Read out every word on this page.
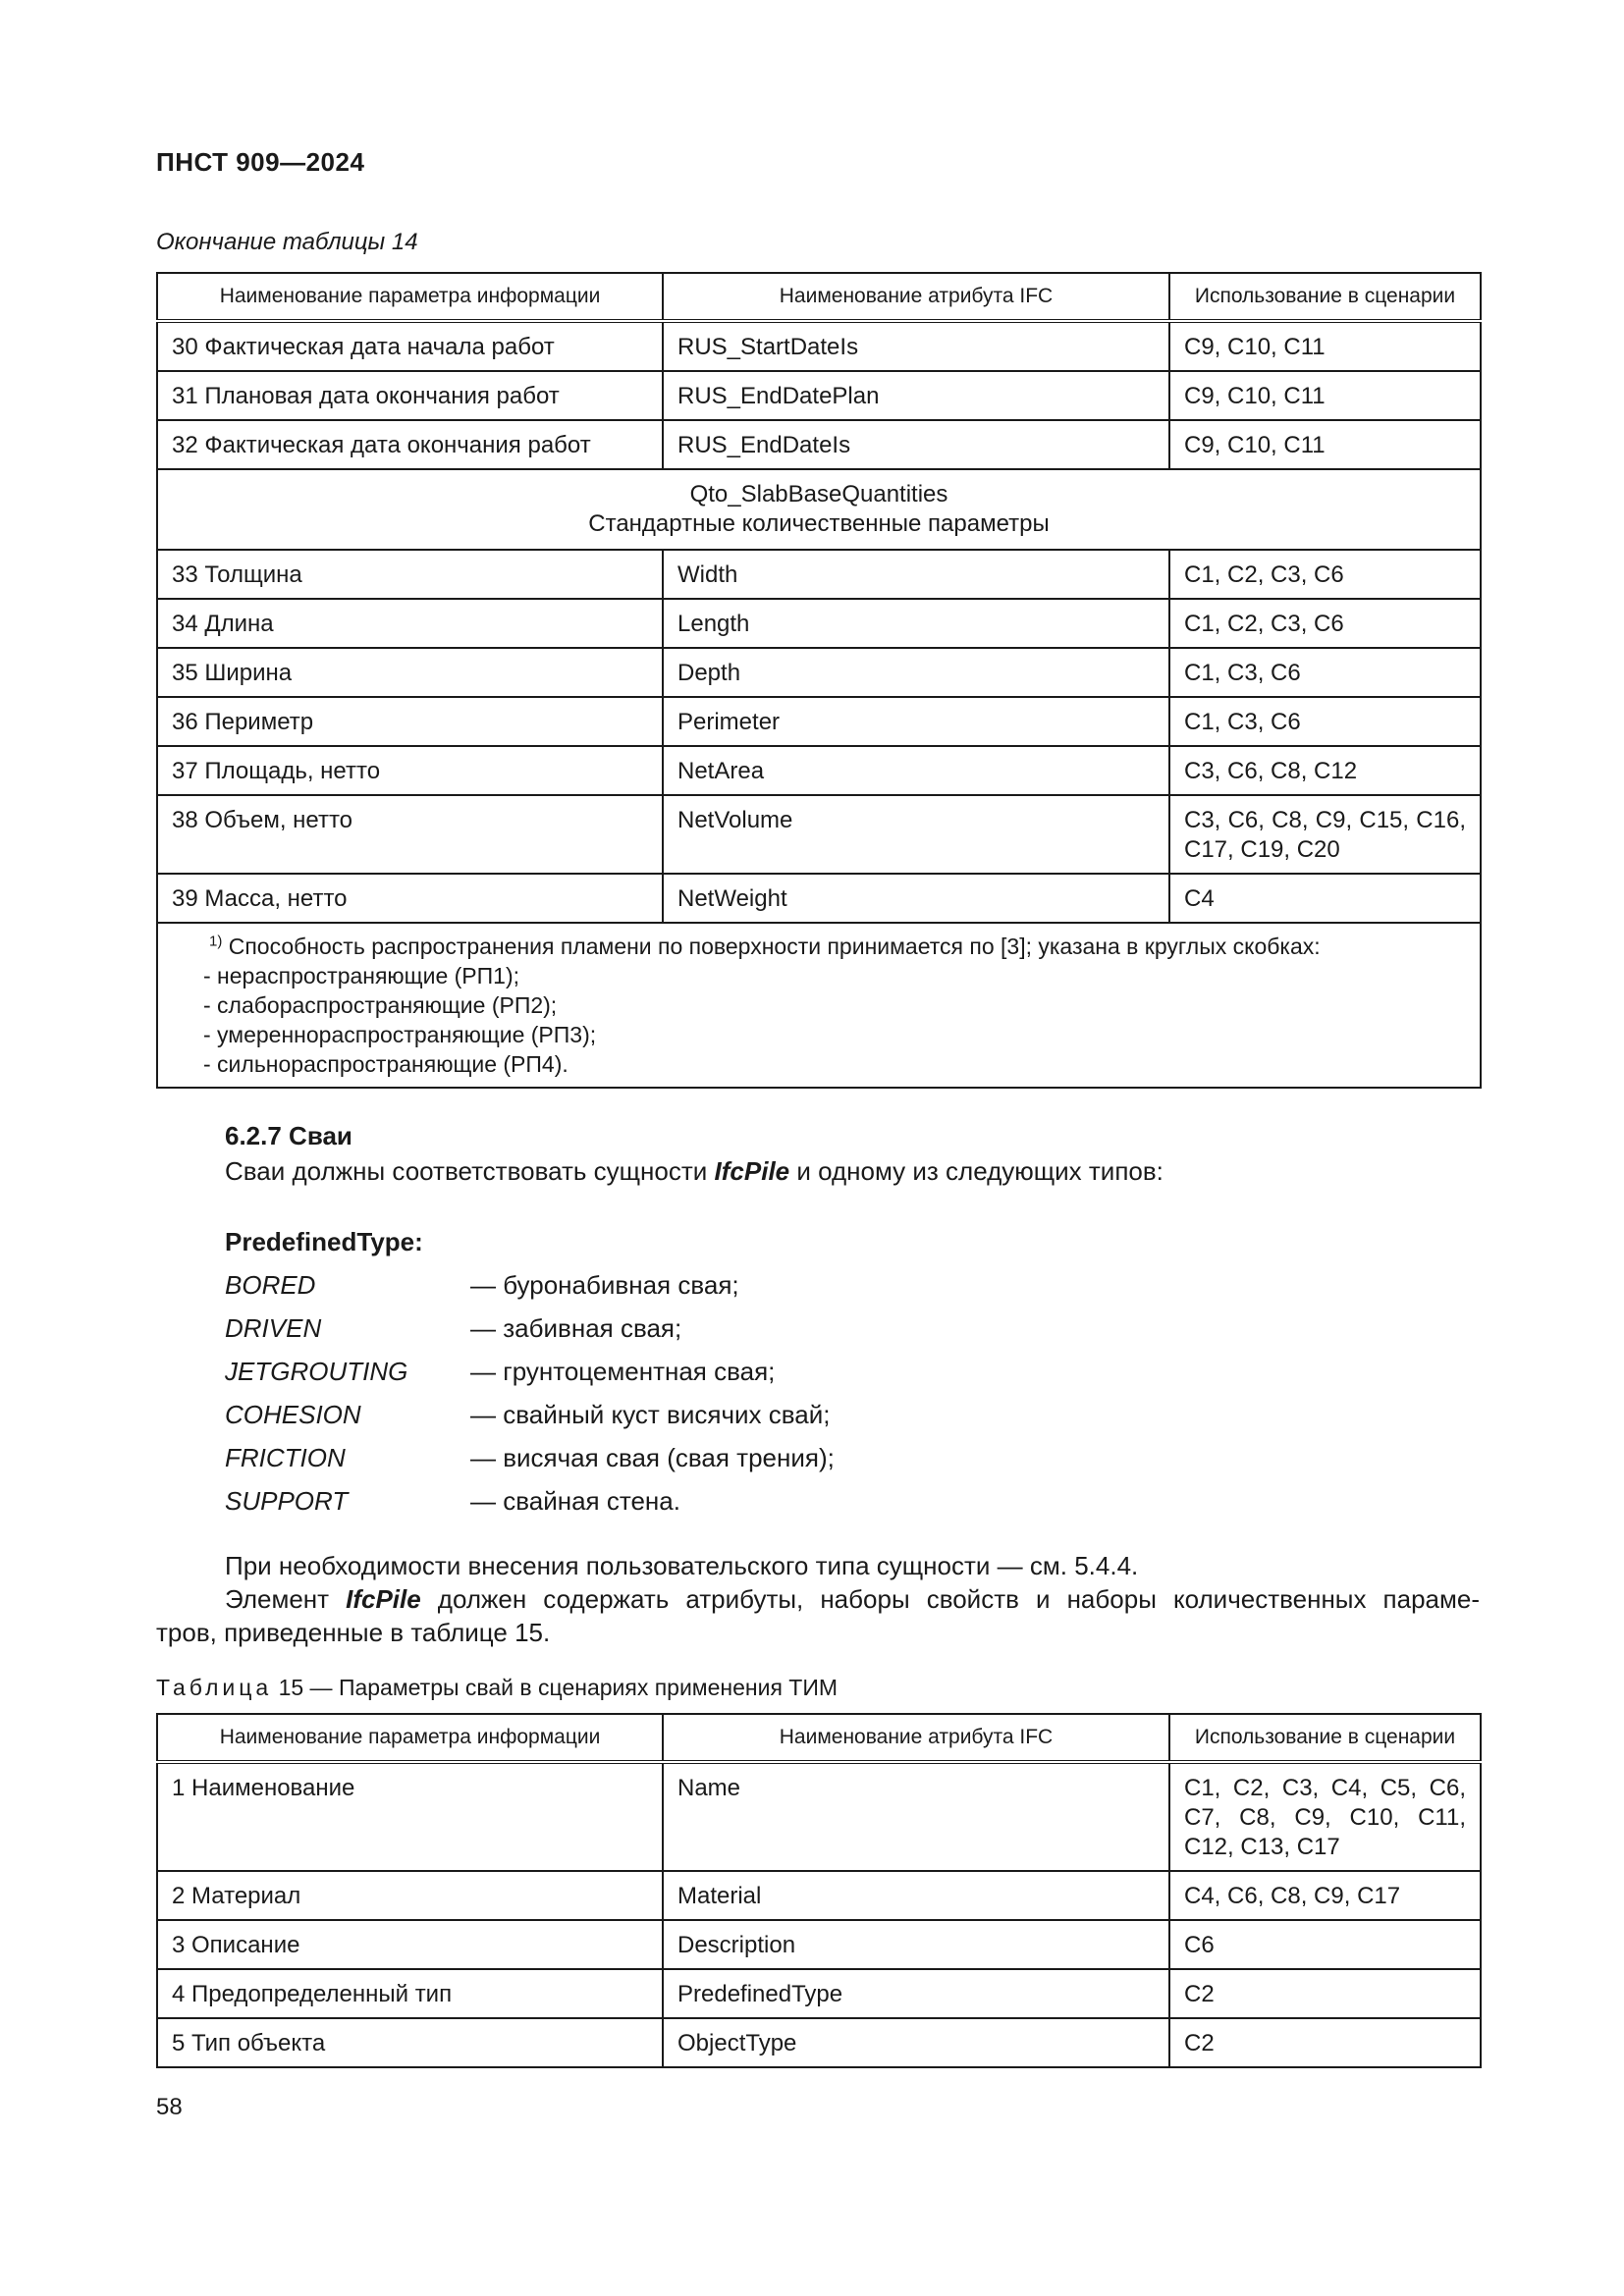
ПНСТ 909—2024
Окончание таблицы 14
Наименование параметра информации	Наименование атрибута IFC	Использование в сценарии
30 Фактическая дата начала работ	RUS_StartDateIs	C9, C10, C11
31 Плановая дата окончания работ	RUS_EndDatePlan	C9, C10, C11
32 Фактическая дата окончания работ	RUS_EndDateIs	C9, C10, C11

Qto_SlabBaseQuantities
Стандартные количественные параметры		

33 Толщина	Width	C1, C2, C3, C6
34 Длина	Length	C1, C2, C3, C6
35 Ширина	Depth	C1, C3, C6
36 Периметр	Perimeter	C1, C3, C6
37 Площадь, нетто	NetArea	C3, C6, C8, C12
38 Объем, нетто	NetVolume	C3, C6, C8, C9, C15, C16, C17, C19, C20
39 Масса, нетто	NetWeight	C4

$^{1)}$ Способность распространения пламени по поверхности принимается по [3]; указана в круглых скобках:
- нераспространяющие (РП1);
- слабораспространяющие (РП2);
- умереннораспространяющие (РП3);
- сильнораспространяющие (РП4).		
6.2.7 Сваи
Сваи должны соответствовать сущности IfcPile и одному из следующих типов:
PredefinedType:
BORED	— буронабивная свая;
DRIVEN	— забивная свая;
JETGROUTING — грунтоцементная свая;
COHESION	— свайный куст висячих свай;
FRICTION	— висячая свая (свая трения);
SUPPORT	— свайная стена.
При необходимости внесения пользовательского типа сущности — см. 5.4.4.
Элемент IfcPile должен содержать атрибуты, наборы свойств и наборы количественных параме-
тров, приведенные в таблице 15.
Таблица 15 — Параметры свай в сценариях применения ТИМ
Наименование параметра информации	Наименование атрибута IFC	Использование в сценарии
1 Наименование	Name	C1, C2, C3, C4, C5, C6, C7, C8, C9, C10, C11, C12, C13, C17
2 Материал	Material	C4, C6, C8, C9, C17
3 Описание	Description	C6
4 Предопределенный тип	PredefinedType	C2
5 Тип объекта	ObjectType	C2
58
